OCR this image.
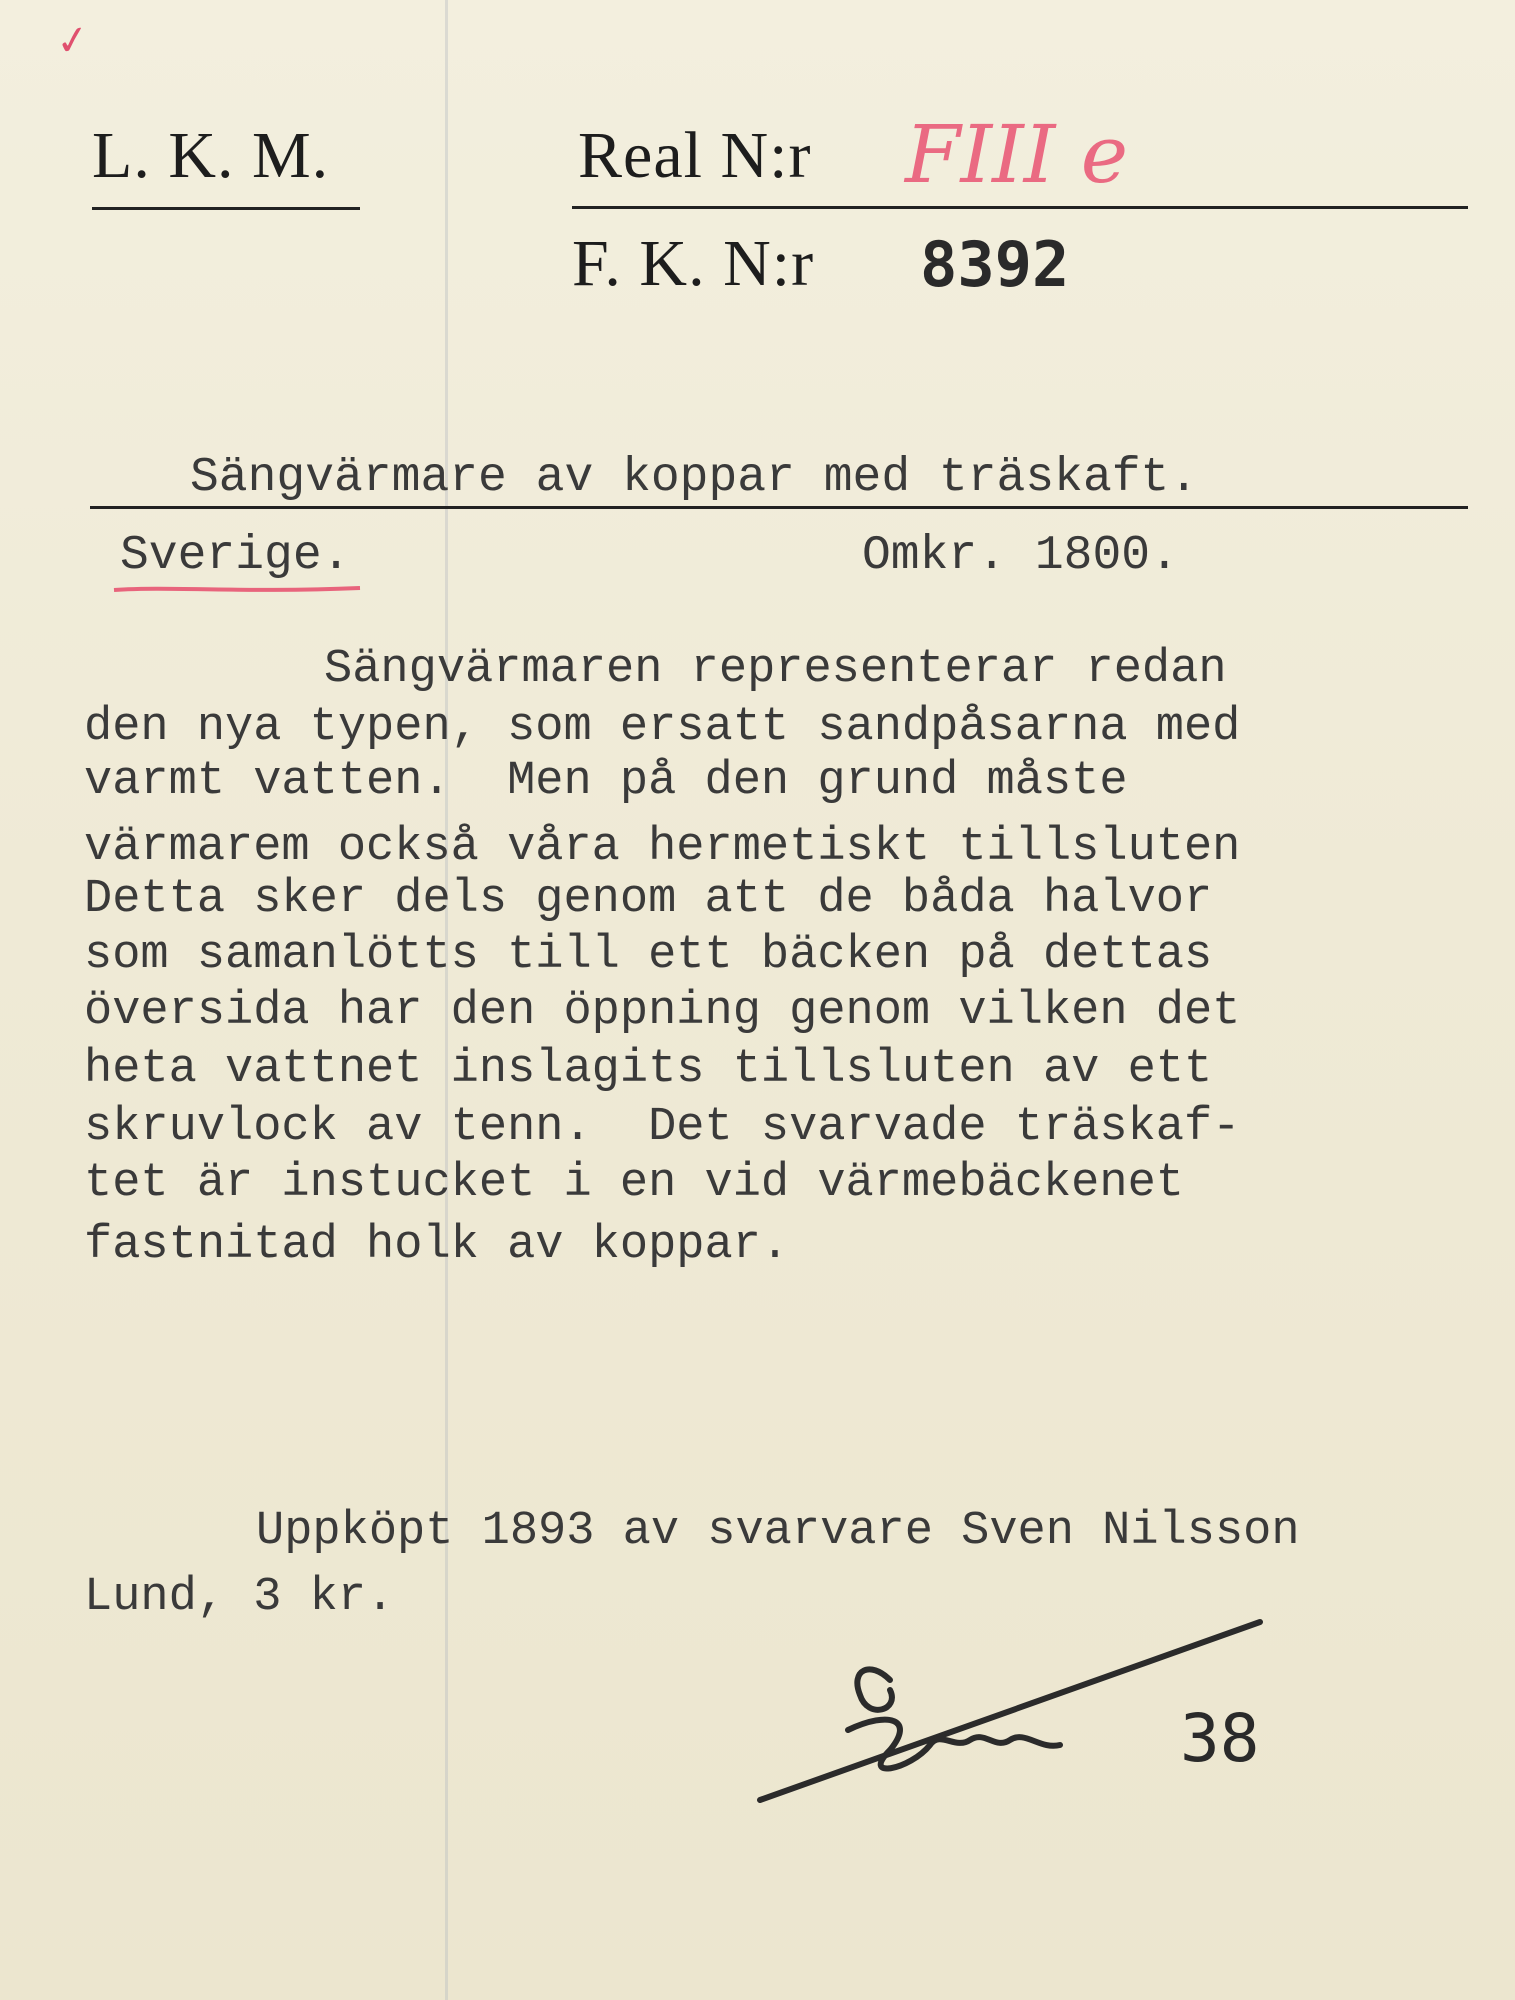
✓
L. K. M.	Real N:r FIII e
F. K. N:r 8392
Sängvärmare av koppar med träskaft.
Sverige.	Omkr. 1800.
Sängvärmaren representerar redan
den nya typen, som ersatt sandpåsarna med
varmt vatten.  Men på den grund måste
värmarem också våra hermetiskt tillsluten
Detta sker dels genom att de båda halvor
som samanlötts till ett bäcken på dettas
översida har den öppning genom vilken det
heta vattnet inslagits tillsluten av ett
skruvlock av tenn.  Det svarvade träskaf-
tet är instucket i en vid värmebäckenet
fastnitad holk av koppar.
Uppköpt 1893 av svarvare Sven Nilsson
Lund, 3 kr.
38
